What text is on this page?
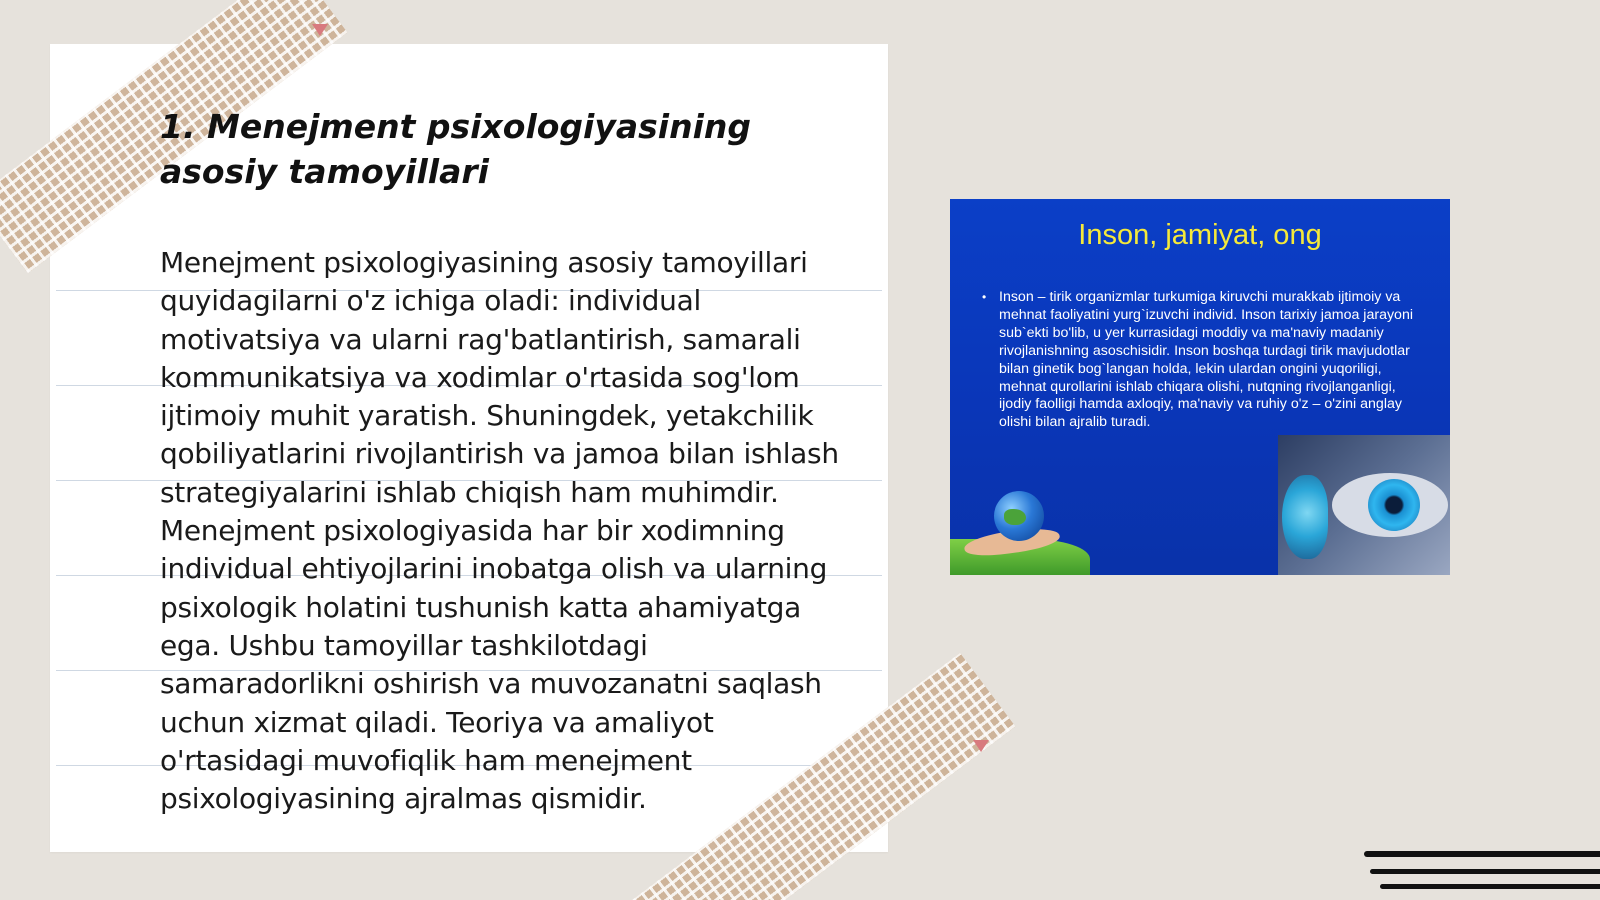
1. Menejment psixologiyasining asosiy tamoyillari

Menejment psixologiyasining asosiy tamoyillari quyidagilarni o'z ichiga oladi: individual motivatsiya va ularni rag'batlantirish, samarali kommunikatsiya va xodimlar o'rtasida sog'lom ijtimoiy muhit yaratish. Shuningdek, yetakchilik qobiliyatlarini rivojlantirish va jamoa bilan ishlash strategiyalarini ishlab chiqish ham muhimdir. Menejment psixologiyasida har bir xodimning individual ehtiyojlarini inobatga olish va ularning psixologik holatini tushunish katta ahamiyatga ega. Ushbu tamoyillar tashkilotdagi samaradorlikni oshirish va muvozanatni saqlash uchun xizmat qiladi. Teoriya va amaliyot o'rtasidagi muvofiqlik ham menejment psixologiyasining ajralmas qismidir.

Inson, jamiyat, ong
• Inson – tirik organizmlar turkumiga kiruvchi murakkab ijtimoiy va mehnat faoliyatini yurg`izuvchi individ. Inson tarixiy jamoa jarayoni sub`ekti bo'lib, u yer kurrasidagi moddiy va ma'naviy madaniy rivojlanishning asoschisidir. Inson boshqa turdagi tirik mavjudotlar bilan ginetik bog`langan holda, lekin ulardan ongini yuqoriligi, mehnat qurollarini ishlab chiqara olishi, nutqning rivojlanganligi, ijodiy faolligi hamda axloqiy, ma'naviy va ruhiy o'z – o'zini anglay olishi bilan ajralib turadi.
